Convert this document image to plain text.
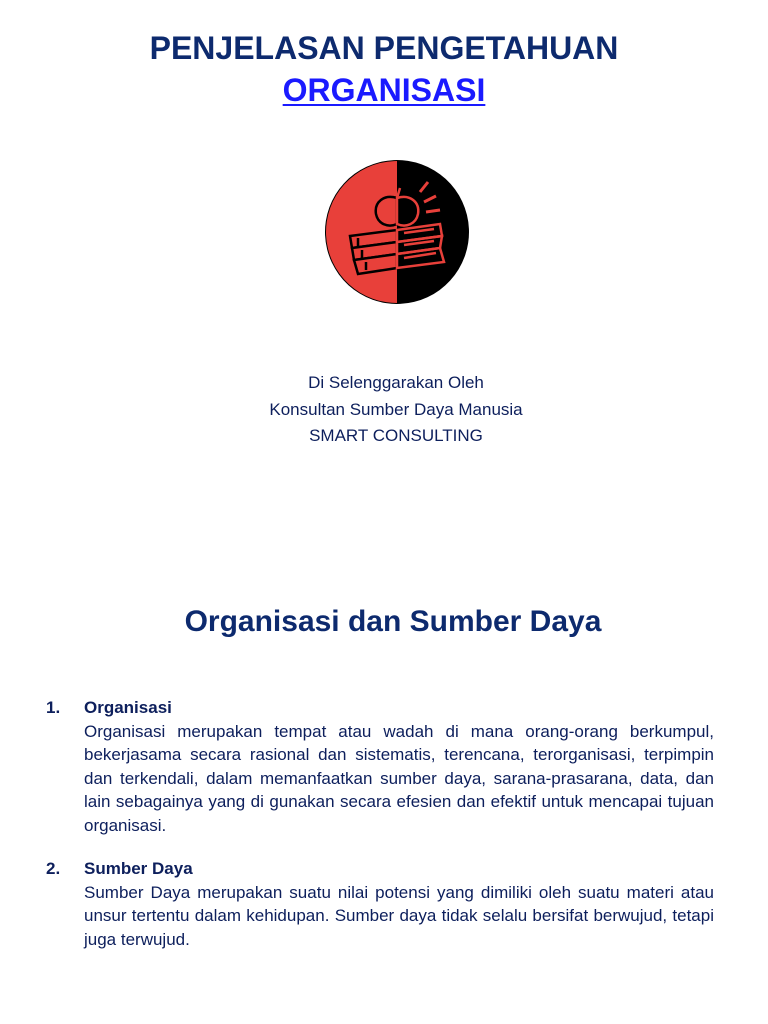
PENJELASAN PENGETAHUAN
ORGANISASI
Di Selenggarakan Oleh
Konsultan Sumber Daya Manusia
SMART CONSULTING
Organisasi dan Sumber Daya
1. Organisasi
Organisasi merupakan tempat atau wadah di mana orang-orang berkumpul, bekerjasama secara rasional dan sistematis, terencana, terorganisasi, terpimpin dan terkendali, dalam memanfaatkan sumber daya, sarana-prasarana, data, dan lain sebagainya yang di gunakan secara efesien dan efektif untuk mencapai tujuan organisasi.
2. Sumber Daya
Sumber Daya merupakan suatu nilai potensi yang dimiliki oleh suatu materi atau unsur tertentu dalam kehidupan. Sumber daya tidak selalu bersifat berwujud, tetapi juga terwujud.
